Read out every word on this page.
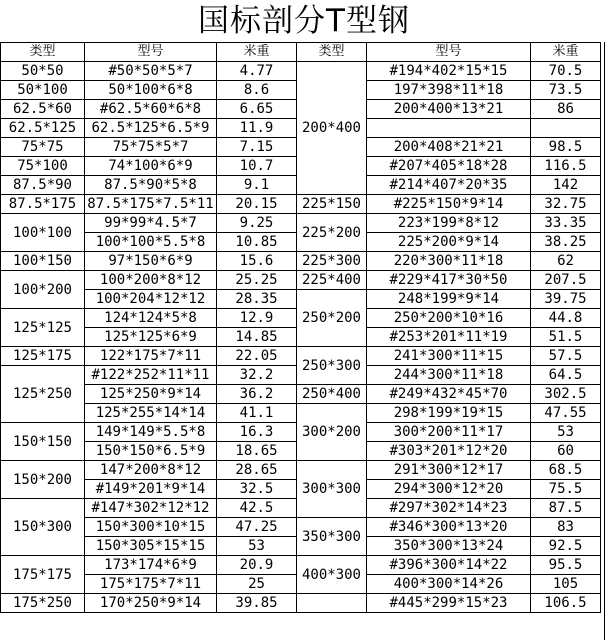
国标剖分T型钢
类型	型号	米重	类型	型号	米重
50*50	#50*50*5*7	4.77	200*400	#194*402*15*15	70.5
50*100	50*100*6*8	8.6		197*398*11*18	73.5
62.5*60	#62.5*60*6*8	6.65		200*400*13*21	86
62.5*125	62.5*125*6.5*9	11.9			
75*75	75*75*5*7	7.15		200*408*21*21	98.5
75*100	74*100*6*9	10.7		#207*405*18*28	116.5
87.5*90	87.5*90*5*8	9.1		#214*407*20*35	142
87.5*175	87.5*175*7.5*11	20.15	225*150	#225*150*9*14	32.75
100*100	99*99*4.5*7	9.25	225*200	223*199*8*12	33.35
	100*100*5.5*8	10.85		225*200*9*14	38.25
100*150	97*150*6*9	15.6	225*300	220*300*11*18	62
100*200	100*200*8*12	25.25	225*400	#229*417*30*50	207.5
	100*204*12*12	28.35	250*200	248*199*9*14	39.75
125*125	124*124*5*8	12.9		250*200*10*16	44.8
	125*125*6*9	14.85		#253*201*11*19	51.5
125*175	122*175*7*11	22.05	250*300	241*300*11*15	57.5
125*250	#122*252*11*11	32.2		244*300*11*18	64.5
	125*250*9*14	36.2	250*400	#249*432*45*70	302.5
	125*255*14*14	41.1	300*200	298*199*19*15	47.55
150*150	149*149*5.5*8	16.3		300*200*11*17	53
	150*150*6.5*9	18.65		#303*201*12*20	60
150*200	147*200*8*12	28.65	300*300	291*300*12*17	68.5
	#149*201*9*14	32.5		294*300*12*20	75.5
150*300	#147*302*12*12	42.5		#297*302*14*23	87.5
	150*300*10*15	47.25	350*300	#346*300*13*20	83
	150*305*15*15	53		350*300*13*24	92.5
175*175	173*174*6*9	20.9	400*300	#396*300*14*22	95.5
	175*175*7*11	25		400*300*14*26	105
175*250	170*250*9*14	39.85		#445*299*15*23	106.5
